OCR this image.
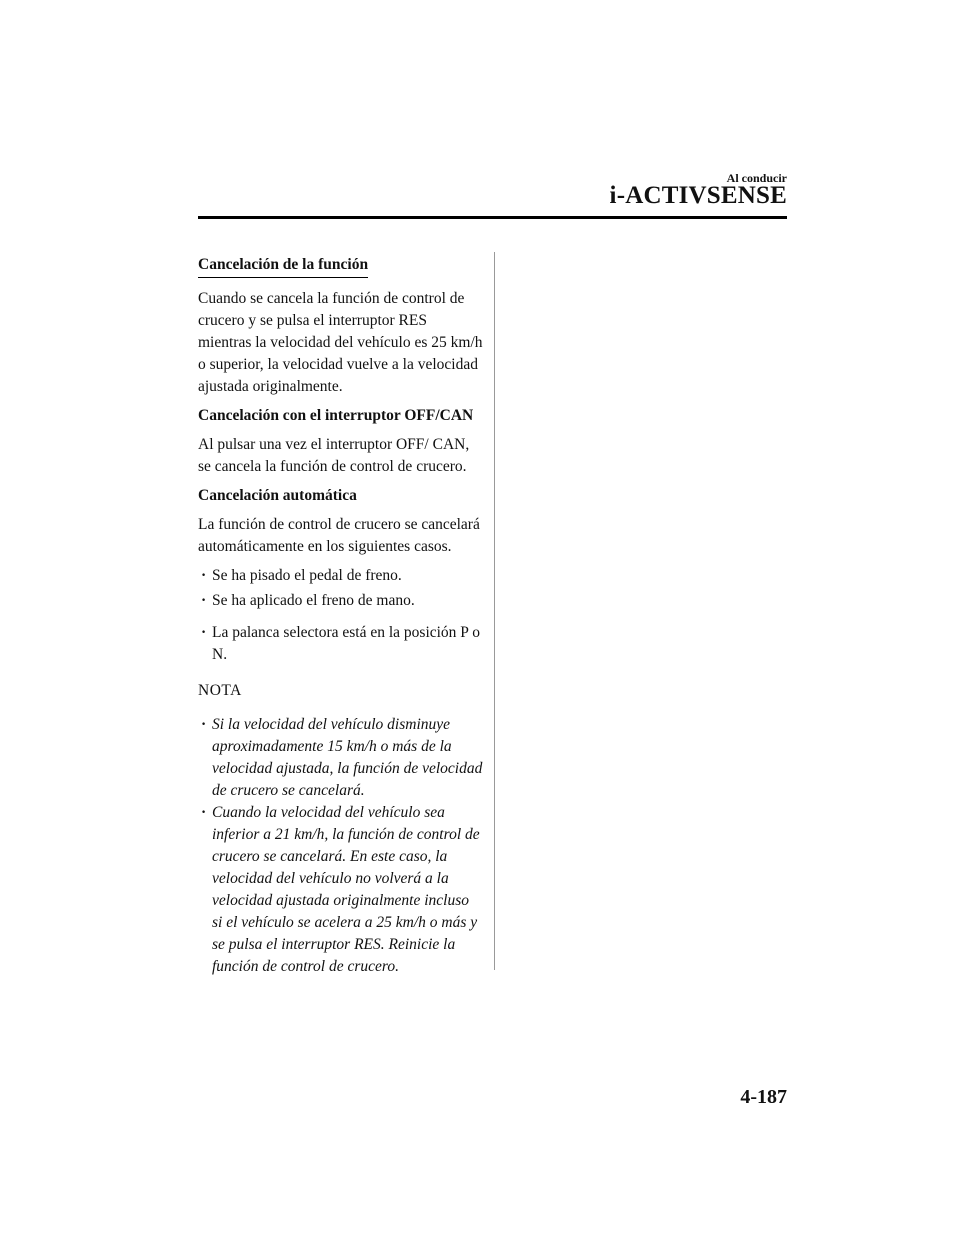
Al conducir
i-ACTIVSENSE
Cancelación de la función

Cuando se cancela la función de control de crucero y se pulsa el interruptor RES mientras la velocidad del vehículo es 25 km/h o superior, la velocidad vuelve a la velocidad ajustada originalmente.

Cancelación con el interruptor OFF/CAN

Al pulsar una vez el interruptor OFF/ CAN, se cancela la función de control de crucero.

Cancelación automática

La función de control de crucero se cancelará automáticamente en los siguientes casos.

· Se ha pisado el pedal de freno.
· Se ha aplicado el freno de mano.
· La palanca selectora está en la posición P o N.
NOTA
· Si la velocidad del vehículo disminuye aproximadamente 15 km/h o más de la velocidad ajustada, la función de velocidad de crucero se cancelará.
· Cuando la velocidad del vehículo sea inferior a 21 km/h, la función de control de crucero se cancelará. En este caso, la velocidad del vehículo no volverá a la velocidad ajustada originalmente incluso si el vehículo se acelera a 25 km/h o más y se pulsa el interruptor RES. Reinicie la función de control de crucero.
4-187
